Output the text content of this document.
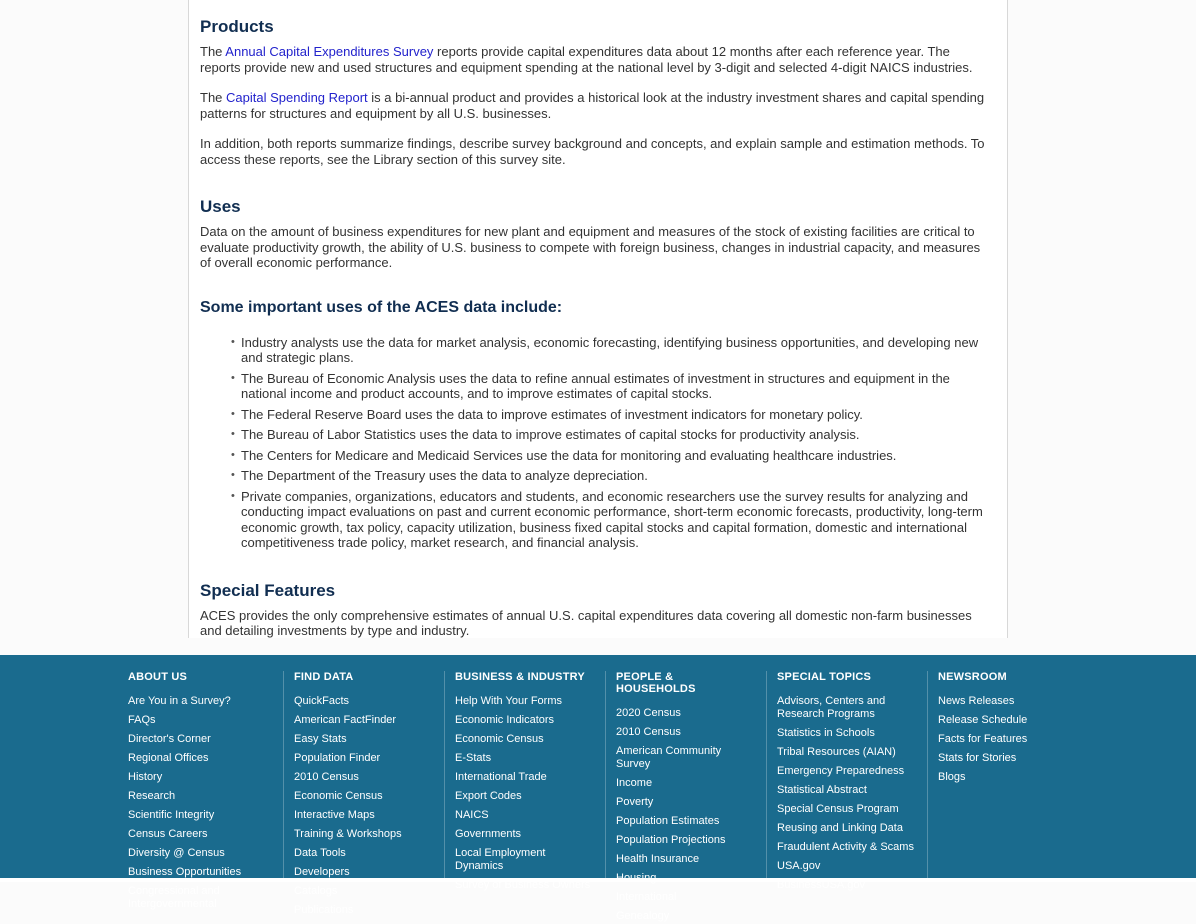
Products

The Annual Capital Expenditures Survey reports provide capital expenditures data about 12 months after each reference year. The reports provide new and used structures and equipment spending at the national level by 3-digit and selected 4-digit NAICS industries.

The Capital Spending Report is a bi-annual product and provides a historical look at the industry investment shares and capital spending patterns for structures and equipment by all U.S. businesses.

In addition, both reports summarize findings, describe survey background and concepts, and explain sample and estimation methods. To access these reports, see the Library section of this survey site.

Uses

Data on the amount of business expenditures for new plant and equipment and measures of the stock of existing facilities are critical to evaluate productivity growth, the ability of U.S. business to compete with foreign business, changes in industrial capacity, and measures of overall economic performance.

Some important uses of the ACES data include:
• Industry analysts use the data for market analysis, economic forecasting, identifying business opportunities, and developing new and strategic plans.
• The Bureau of Economic Analysis uses the data to refine annual estimates of investment in structures and equipment in the national income and product accounts, and to improve estimates of capital stocks.
• The Federal Reserve Board uses the data to improve estimates of investment indicators for monetary policy.
• The Bureau of Labor Statistics uses the data to improve estimates of capital stocks for productivity analysis.
• The Centers for Medicare and Medicaid Services use the data for monitoring and evaluating healthcare industries.
• The Department of the Treasury uses the data to analyze depreciation.
• Private companies, organizations, educators and students, and economic researchers use the survey results for analyzing and conducting impact evaluations on past and current economic performance, short-term economic forecasts, productivity, long-term economic growth, tax policy, capacity utilization, business fixed capital stocks and capital formation, domestic and international competitiveness trade policy, market research, and financial analysis.
Special Features

ACES provides the only comprehensive estimates of annual U.S. capital expenditures data covering all domestic non-farm businesses and detailing investments by type and industry.

ABOUT US
Are You in a Survey?
FAQs
Director's Corner
Regional Offices
History
Research
Scientific Integrity
Census Careers
Diversity @ Census
Business Opportunities
Congressional and Intergovernmental
FIND DATA
QuickFacts
American FactFinder
Easy Stats
Population Finder
2010 Census
Economic Census
Interactive Maps
Training & Workshops
Data Tools
Developers
Catalogs
Publications
BUSINESS & INDUSTRY
Help With Your Forms
Economic Indicators
Economic Census
E-Stats
International Trade
Export Codes
NAICS
Governments
Local Employment Dynamics
Survey of Business Owners
PEOPLE & HOUSEHOLDS
2020 Census
2010 Census
American Community Survey
Income
Poverty
Population Estimates
Population Projections
Health Insurance
Housing
International
Genealogy
SPECIAL TOPICS
Advisors, Centers and Research Programs
Statistics in Schools
Tribal Resources (AIAN)
Emergency Preparedness
Statistical Abstract
Special Census Program
Reusing and Linking Data
Fraudulent Activity & Scams
USA.gov
BusinessUSA.gov
NEWSROOM
News Releases
Release Schedule
Facts for Features
Stats for Stories
Blogs
